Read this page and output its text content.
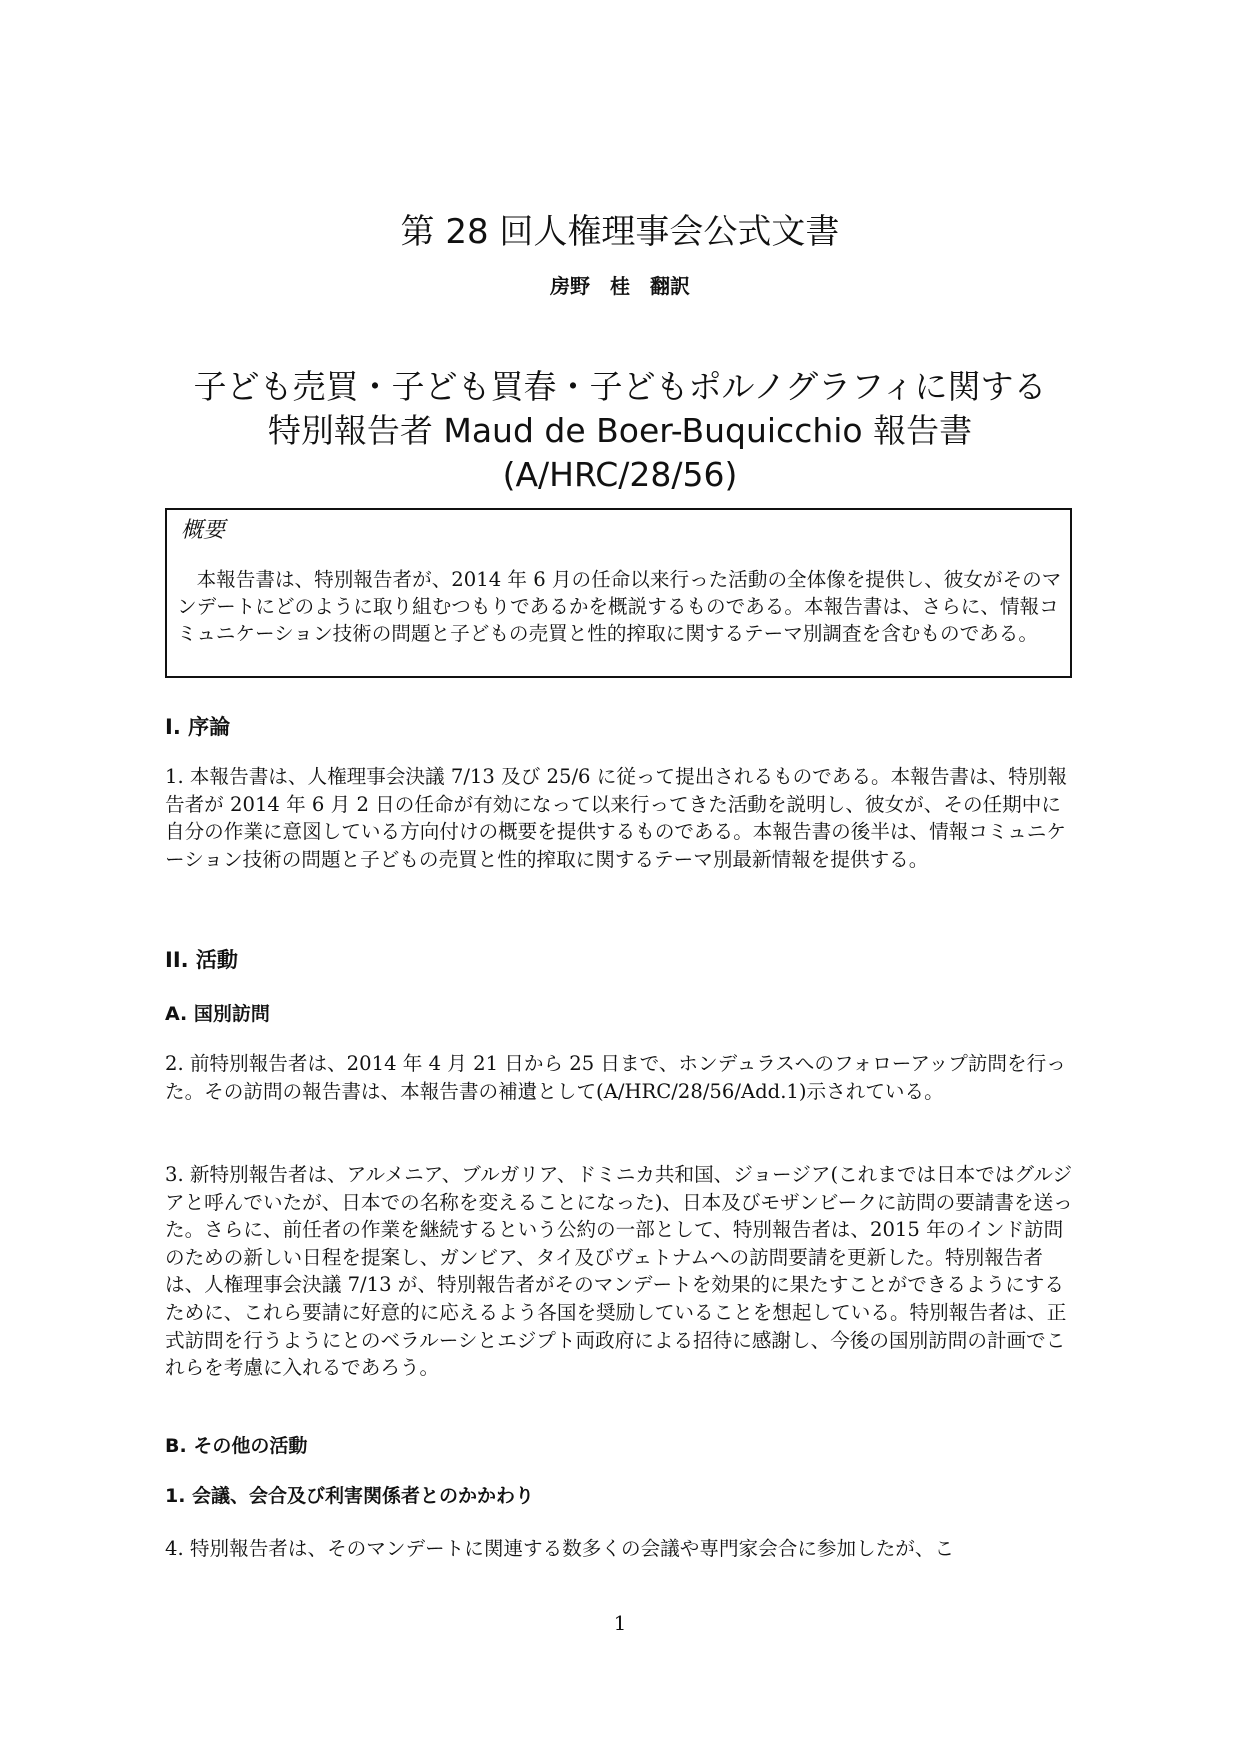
第 28 回人権理事会公式文書
房野　桂　翻訳
子ども売買・子ども買春・子どもポルノグラフィに関する
特別報告者 Maud de Boer-Buquicchio 報告書
(A/HRC/28/56)
概要
本報告書は、特別報告者が、2014 年 6 月の任命以来行った活動の全体像を提供し、彼女がそのマンデートにどのように取り組むつもりであるかを概説するものである。本報告書は、さらに、情報コミュニケーション技術の問題と子どもの売買と性的搾取に関するテーマ別調査を含むものである。
I. 序論
1. 本報告書は、人権理事会決議 7/13 及び 25/6 に従って提出されるものである。本報告書は、特別報告者が 2014 年 6 月 2 日の任命が有効になって以来行ってきた活動を説明し、彼女が、その任期中に自分の作業に意図している方向付けの概要を提供するものである。本報告書の後半は、情報コミュニケーション技術の問題と子どもの売買と性的搾取に関するテーマ別最新情報を提供する。
II. 活動
A. 国別訪問
2. 前特別報告者は、2014 年 4 月 21 日から 25 日まで、ホンデュラスへのフォローアップ訪問を行った。その訪問の報告書は、本報告書の補遺として(A/HRC/28/56/Add.1)示されている。
3. 新特別報告者は、アルメニア、ブルガリア、ドミニカ共和国、ジョージア(これまでは日本ではグルジアと呼んでいたが、日本での名称を変えることになった)、日本及びモザンビークに訪問の要請書を送った。さらに、前任者の作業を継続するという公約の一部として、特別報告者は、2015 年のインド訪問のための新しい日程を提案し、ガンビア、タイ及びヴェトナムへの訪問要請を更新した。特別報告者は、人権理事会決議 7/13 が、特別報告者がそのマンデートを効果的に果たすことができるようにするために、これら要請に好意的に応えるよう各国を奨励していることを想起している。特別報告者は、正式訪問を行うようにとのベラルーシとエジプト両政府による招待に感謝し、今後の国別訪問の計画でこれらを考慮に入れるであろう。
B. その他の活動
1. 会議、会合及び利害関係者とのかかわり
4. 特別報告者は、そのマンデートに関連する数多くの会議や専門家会合に参加したが、こ
1
